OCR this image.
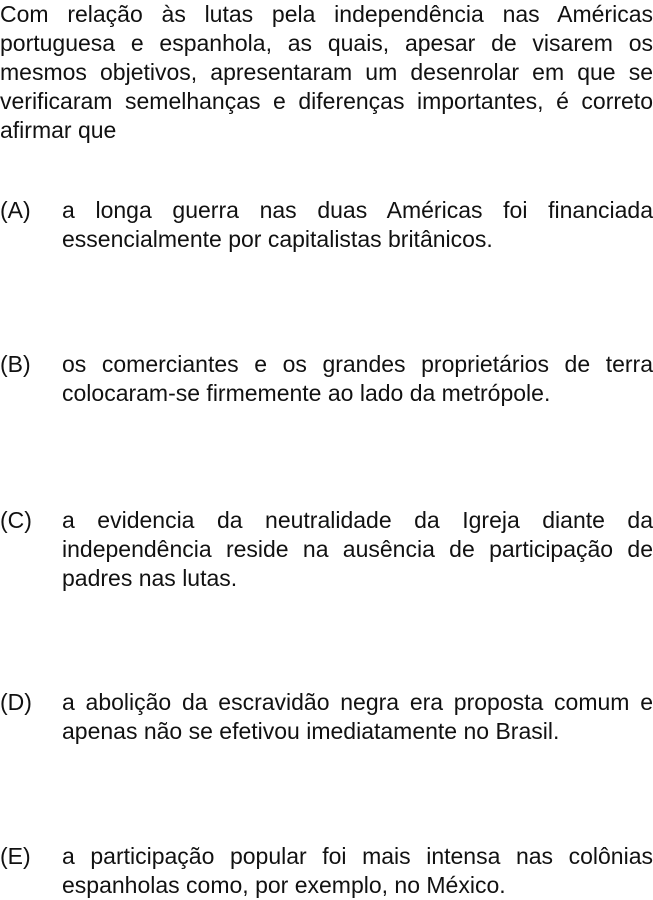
Com relação às lutas pela independência nas Américas portuguesa e espanhola, as quais, apesar de visarem os mesmos objetivos, apresentaram um desenrolar em que se verificaram semelhanças e diferenças importantes, é correto afirmar que
(A)	a longa guerra nas duas Américas foi financiada essencialmente por capitalistas britânicos.
(B)	os comerciantes e os grandes proprietários de terra colocaram-se firmemente ao lado da metrópole.
(C)	a evidencia da neutralidade da Igreja diante da independência reside na ausência de participação de padres nas lutas.
(D)	a abolição da escravidão negra era proposta comum e apenas não se efetivou imediatamente no Brasil.
(E)	a participação popular foi mais intensa nas colônias espanholas como, por exemplo, no México.
